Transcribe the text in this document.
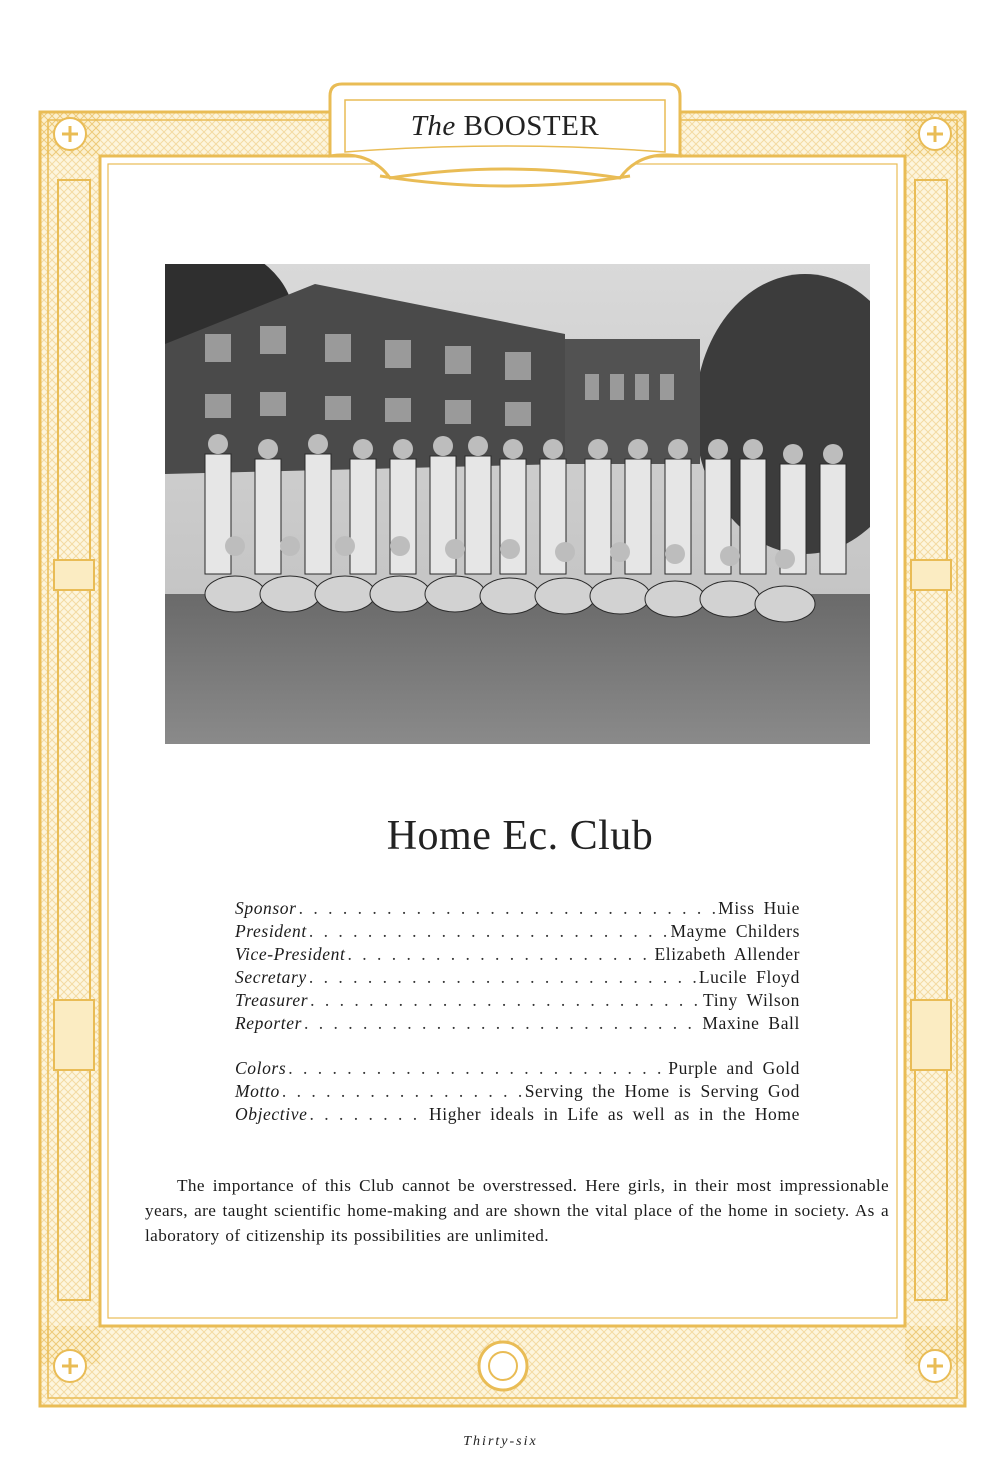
The BOOSTER
Home Ec. Club
Sponsor . . .	Miss Huie
President . . .	Mayme Childers
Vice-President . . .	Elizabeth Allender
Secretary . . .	Lucile Floyd
Treasurer . . .	Tiny Wilson
Reporter . . .	Maxine Ball
Colors . . .	Purple and Gold
Motto . . .	Serving the Home is Serving God
Objective . . .	Higher ideals in Life as well as in the Home

The importance of this Club cannot be overstressed. Here girls, in their most impressionable years, are taught scientific home-making and are shown the vital place of the home in society. As a laboratory of citizenship its possibilities are unlimited.

Thirty-six
